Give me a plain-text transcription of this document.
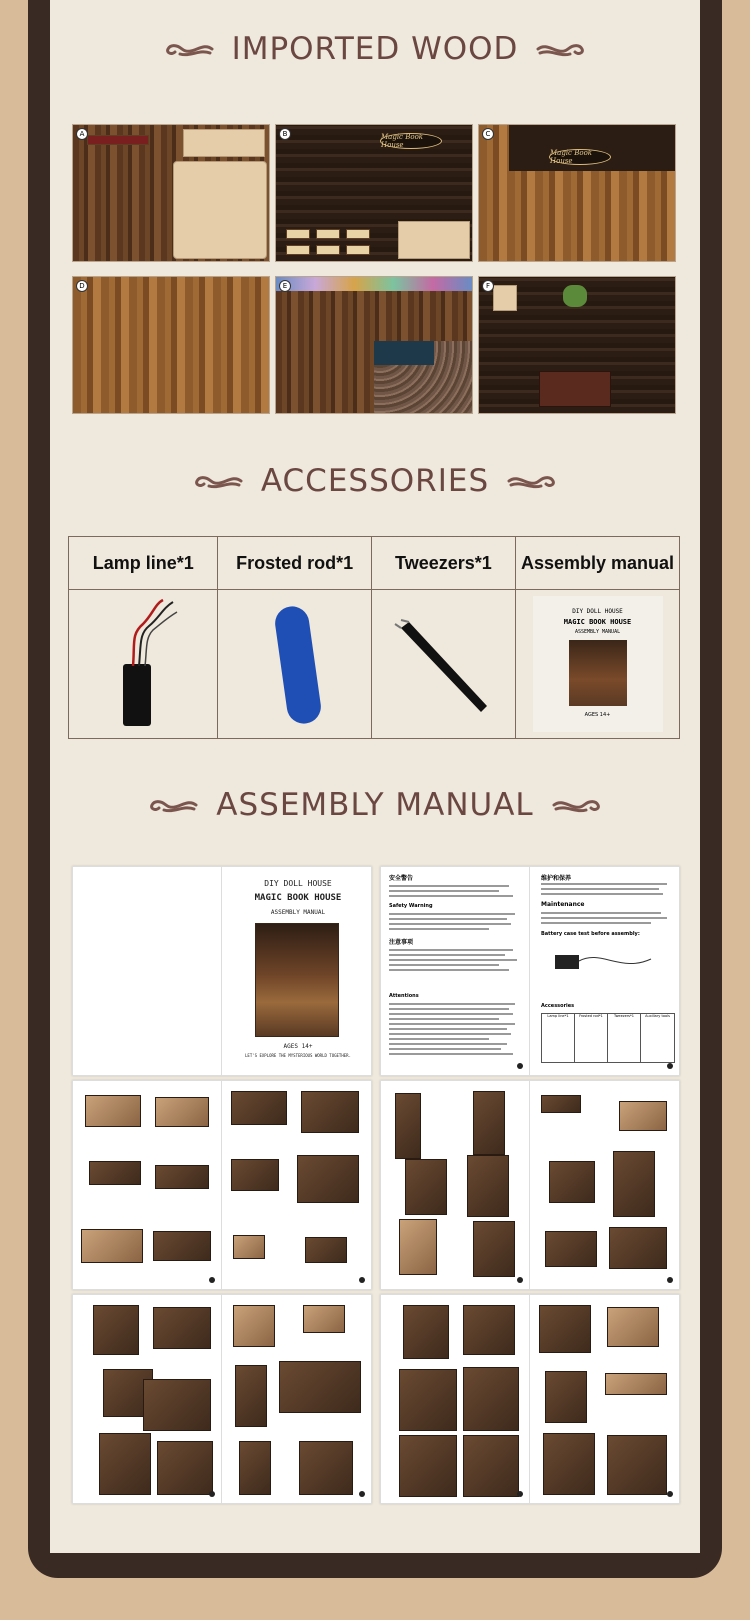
IMPORTED WOOD
A	Magic Book House
B
Magic Book House
C
D	E	F
ACCESSORIES
Lamp line*1	Frosted rod*1	Tweezers*1	Assembly manual

DIY DOLL HOUSE
MAGIC BOOK HOUSE
ASSEMBLY MANUAL
AGES 14+
ASSEMBLY MANUAL
DIY DOLL HOUSE
MAGIC BOOK HOUSE
ASSEMBLY MANUAL
AGES 14+
LET'S EXPLORE THE MYSTERIOUS WORLD TOGETHER.
安全警告
Safety Warning
注意事项
Attentions
维护和保养
Maintenance
Battery case test before assembly:
Accessories
Lamp line*1	Frosted rod*1	Tweezers*1	Auxiliary tools
